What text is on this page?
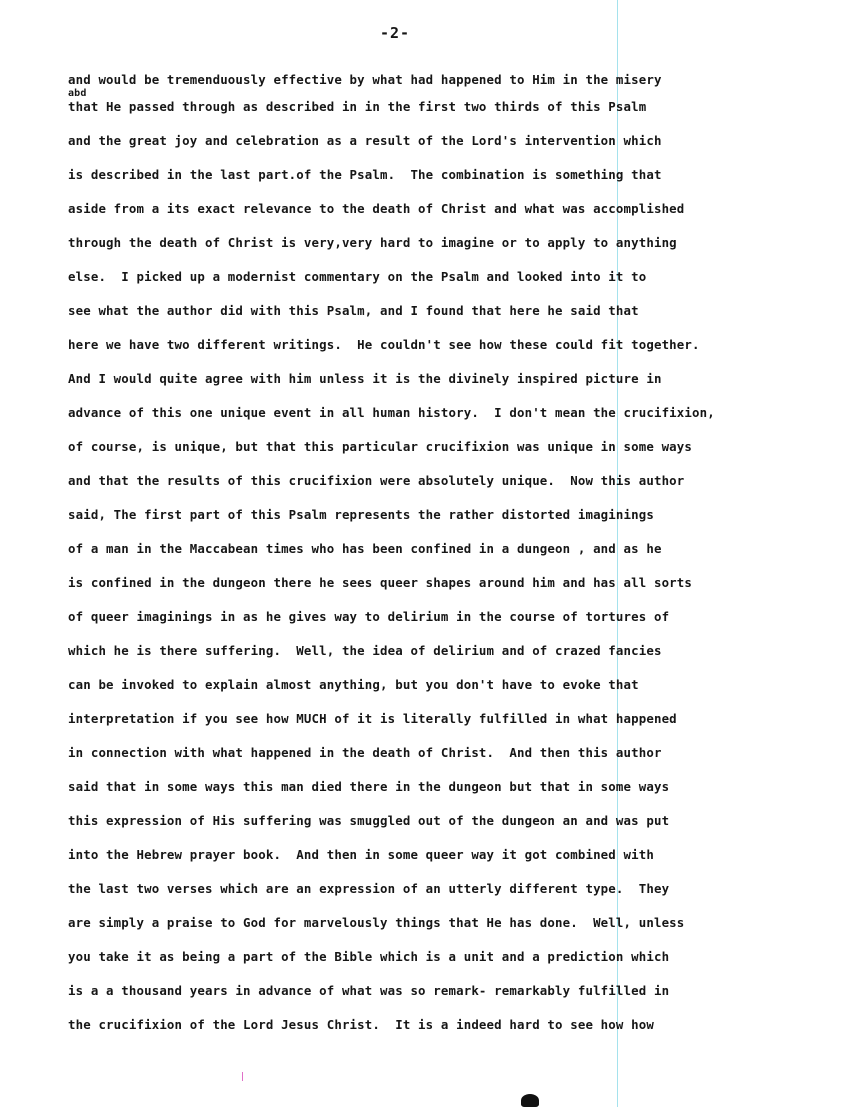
-2-
and would be tremenduously effective by what had happened to Him in the misery
abd
that He passed through as described in in the first two thirds of this Psalm
and the great joy and celebration as a result of the Lord's intervention which
is described in the last part.of the Psalm.  The combination is something that
aside from a its exact relevance to the death of Christ and what was accomplished
through the death of Christ is very,very hard to imagine or to apply to anything
else.  I picked up a modernist commentary on the Psalm and looked into it to
see what the author did with this Psalm, and I found that here he said that
here we have two different writings.  He couldn't see how these could fit together.
And I would quite agree with him unless it is the divinely inspired picture in
advance of this one unique event in all human history.  I don't mean the crucifixion,
of course, is unique, but that this particular crucifixion was unique in some ways
and that the results of this crucifixion were absolutely unique.  Now this author
said, The first part of this Psalm represents the rather distorted imaginings
of a man in the Maccabean times who has been confined in a dungeon , and as he
is confined in the dungeon there he sees queer shapes around him and has all sorts
of queer imaginings in as he gives way to delirium in the course of tortures of
which he is there suffering.  Well, the idea of delirium and of crazed fancies
can be invoked to explain almost anything, but you don't have to evoke that
interpretation if you see how MUCH of it is literally fulfilled in what happened
in connection with what happened in the death of Christ.  And then this author
said that in some ways this man died there in the dungeon but that in some ways
this expression of His suffering was smuggled out of the dungeon an and was put
into the Hebrew prayer book.  And then in some queer way it got combined with
the last two verses which are an expression of an utterly different type.  They
are simply a praise to God for marvelously things that He has done.  Well, unless
you take it as being a part of the Bible which is a unit and a prediction which
is a a thousand years in advance of what was so remark- remarkably fulfilled in
the crucifixion of the Lord Jesus Christ.  It is a indeed hard to see how how
